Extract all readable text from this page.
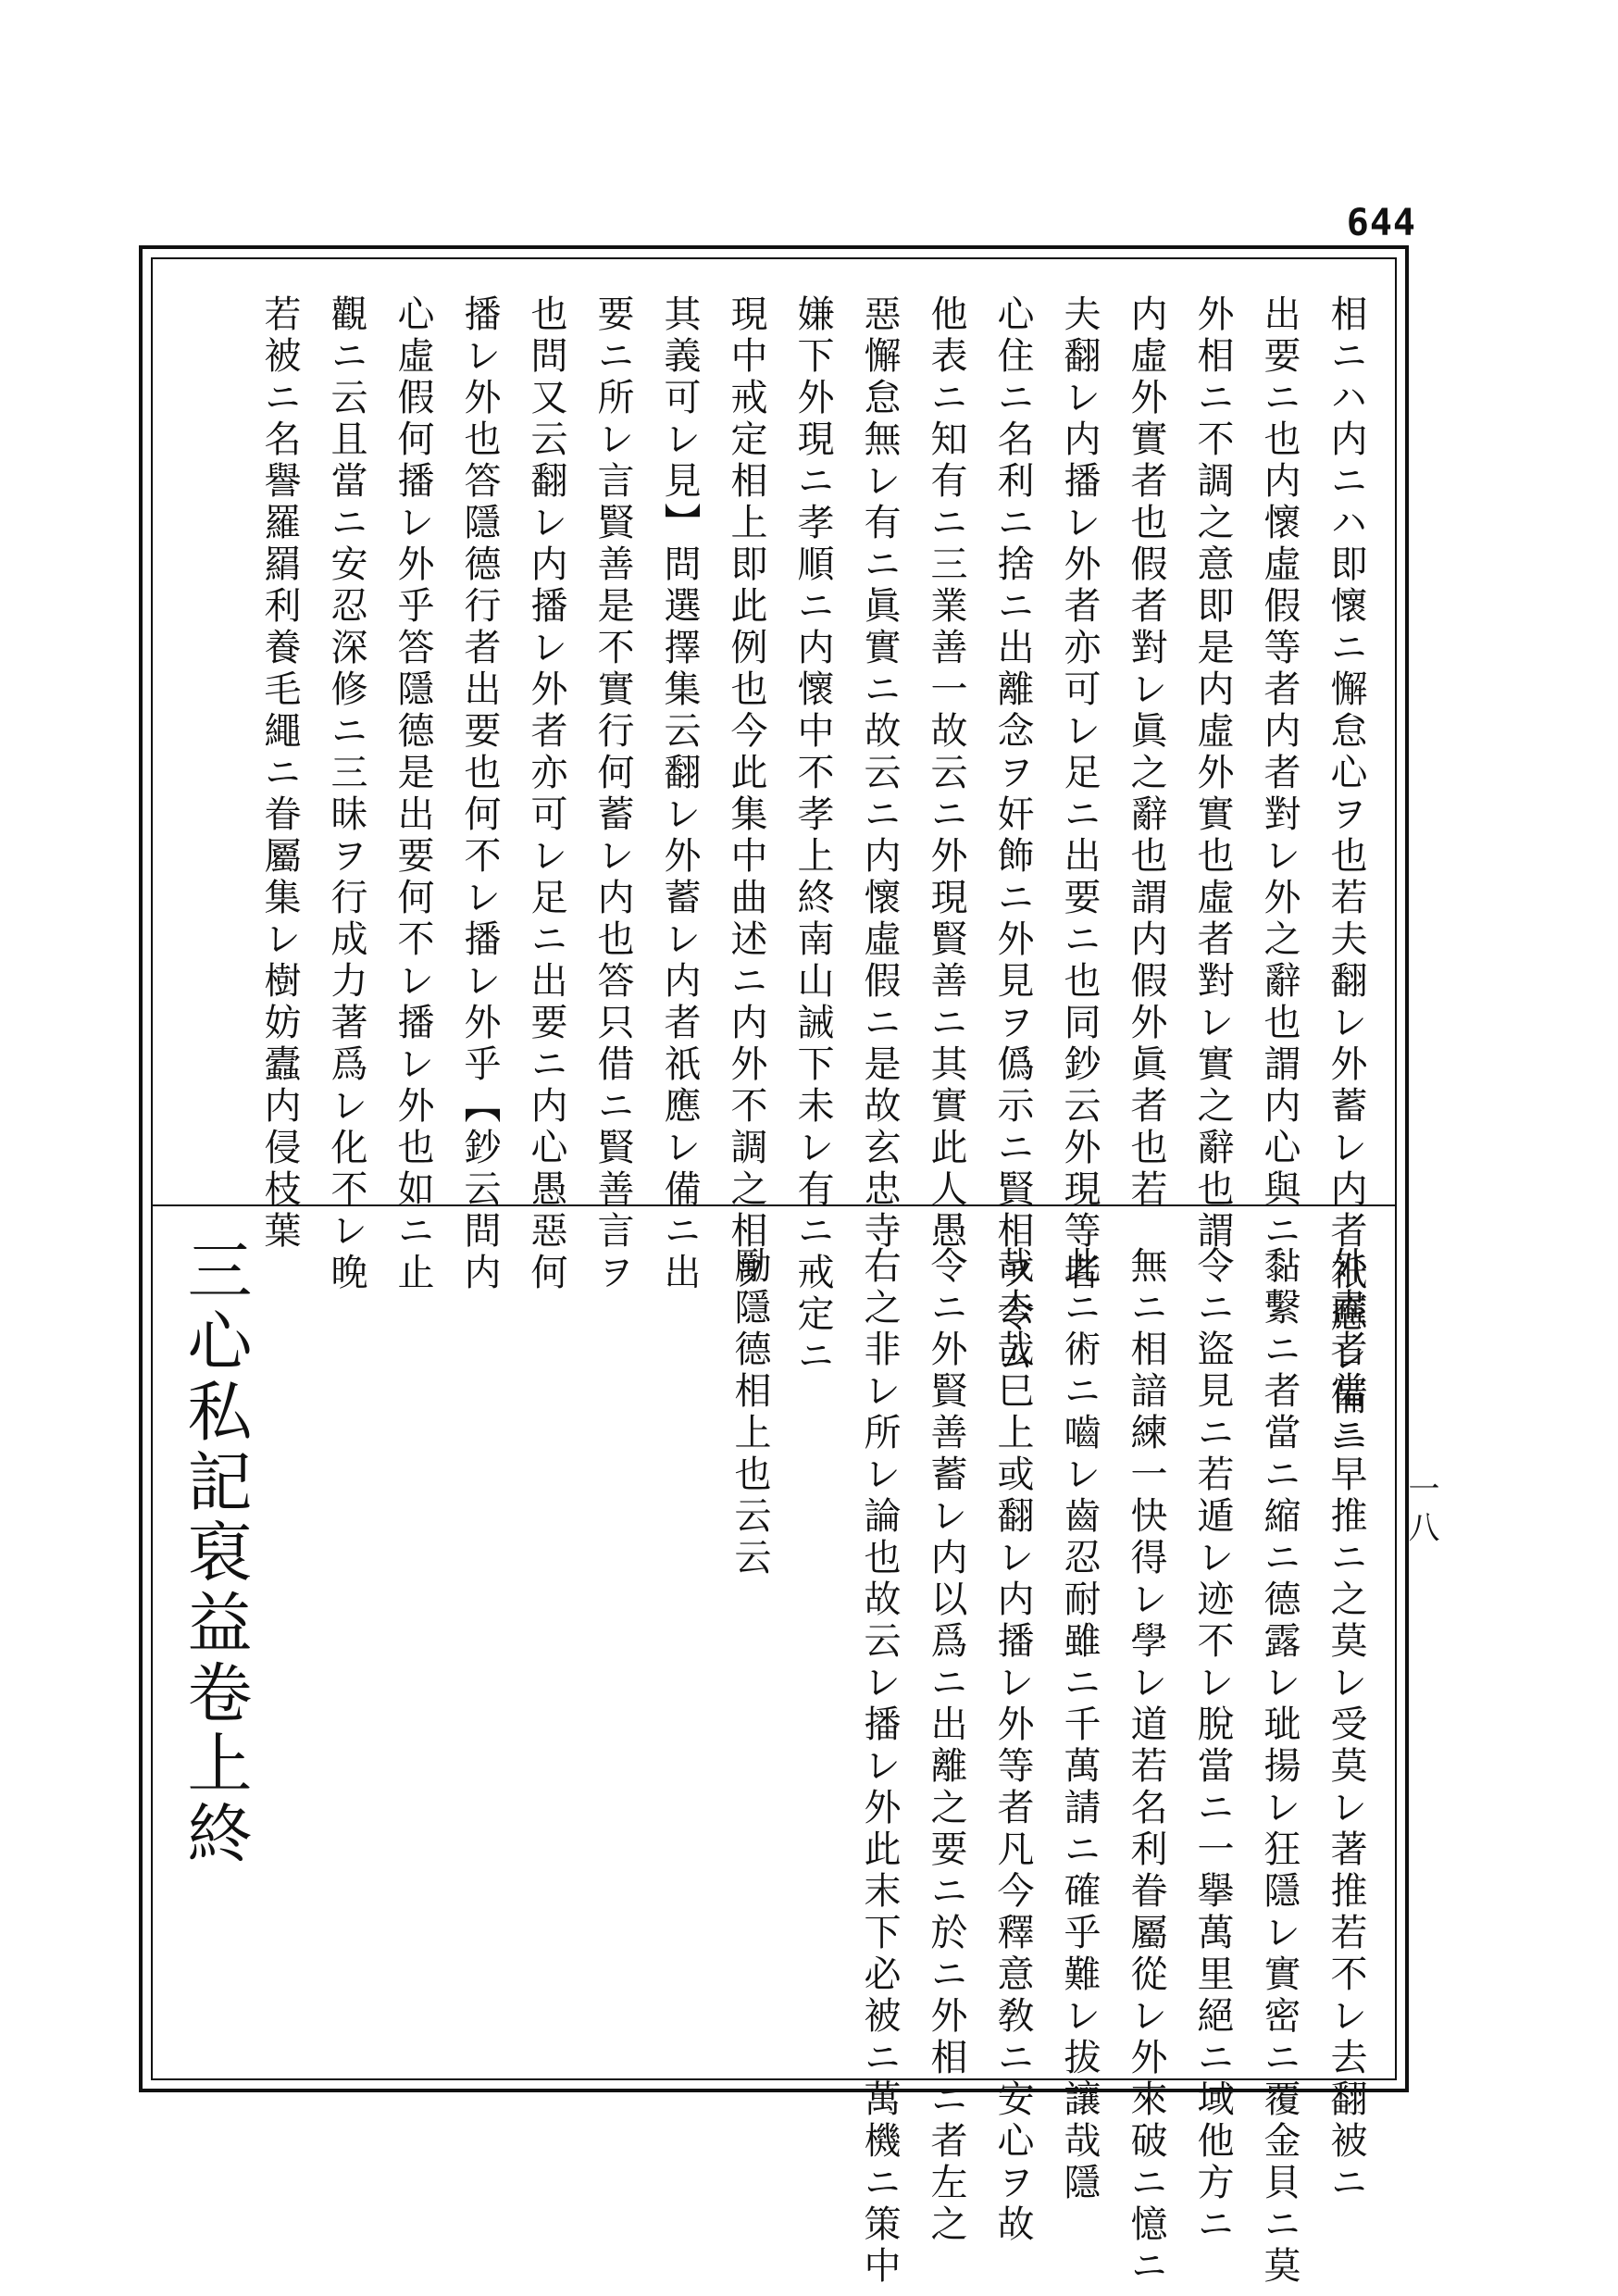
644
相ニハ内ニハ即懷ニ懈怠心ヲ也若夫翻レ外蓄レ内者祇應レ備ニ
出要ニ也内懷虛假等者内者對レ外之辭也謂内心與ニ
外相ニ不調之意即是内虛外實也虛者對レ實之辭也謂
内虛外實者也假者對レ眞之辭也謂内假外眞者也若
夫翻レ内播レ外者亦可レ足ニ出要ニ也同鈔云外現等者
心住ニ名利ニ捨ニ出離念ヲ奸飾ニ外見ヲ僞示ニ賢相ヲ令ム
他表ニ知有ニ三業善一故云ニ外現賢善ニ其實此人愚
惡懈怠無レ有ニ眞實ニ故云ニ内懷虛假ニ是故玄忠寺
嫌下外現ニ孝順ニ内懷中不孝上終南山誡下未レ有ニ戒定ニ
現中戒定相上即此例也今此集中曲述ニ内外不調之相ヲ
其義可レ見】問選擇集云翻レ外蓄レ内者祇應レ備ニ出
要ニ所レ言賢善是不實行何蓄レ内也答只借ニ賢善言ヲ
也問又云翻レ内播レ外者亦可レ足ニ出要ニ内心愚惡何
播レ外也答隱德行者出要也何不レ播レ外乎【鈔云問内
心虛假何播レ外乎答隱德是出要何不レ播レ外也如ニ止
觀ニ云且當ニ安忍深修ニ三昧ヲ行成力著爲レ化不レ晚
若被ニ名譽羅羂利養毛繩ニ眷屬集レ樹妨蠹内侵枝葉
外盡者當ニ早推ニ之莫レ受莫レ著推若不レ去翻被ニ
黏繫ニ者當ニ縮ニ德露レ玼揚レ狂隱レ實密ニ覆金貝ニ莫
令ニ盜見ニ若遁レ迹不レ脫當ニ一擧萬里絕ニ域他方ニ
無ニ相諳練一快得レ學レ道若名利眷屬從レ外來破ニ憶ニ
此ニ術ニ嚙レ齒忍耐雖ニ千萬請ニ確乎難レ拔讓哉隱
哉去哉巳上或翻レ内播レ外等者凡今釋意敎ニ安心ヲ故
令ニ外賢善蓄レ内以爲ニ出離之要ニ於ニ外相ニ者左之
右之非レ所レ論也故云レ播レ外此末下必被ニ萬機ニ策中
勵隱德相上也云云
三心私記裒益卷上終	一八
